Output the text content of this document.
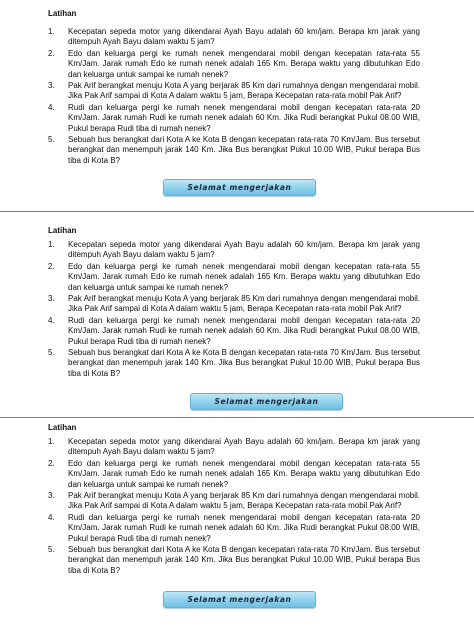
Latihan
1.	Kecepatan sepeda motor yang dikendarai Ayah Bayu adalah 60 km/jam. Berapa km jarak yang ditempuh Ayah Bayu dalam waktu 5 jam?
2.	Edo dan keluarga pergi ke rumah nenek mengendarai mobil dengan kecepatan rata-rata 55 Km/Jam. Jarak rumah Edo ke rumah nenek adalah 165 Km. Berapa waktu yang dibutuhkan Edo dan keluarga untuk sampai ke rumah nenek?
3.	Pak Arif berangkat menuju Kota A yang berjarak 85 Km dari rumahnya dengan mengendarai mobil. Jika Pak Arif sampai di Kota A dalam waktu 5 jam, Berapa Kecepatan rata-rata mobil Pak Arif?
4.	Rudi dan keluarga pergi ke rumah nenek mengendarai mobil dengan kecepatan rata-rata 20 Km/Jam. Jarak rumah Rudi ke rumah nenek adalah 60 Km. Jika Rudi berangkat Pukul 08.00 WIB, Pukul berapa Rudi tiba di rumah nenek?
5.	Sebuah bus berangkat dari Kota A ke Kota B dengan kecepatan rata-rata 70 Km/Jam. Bus tersebut berangkat dan menempuh jarak 140 Km. Jika Bus berangkat Pukul 10.00 WIB, Pukul berapa Bus tiba di Kota B?
Selamat mengerjakan
Latihan
1.	Kecepatan sepeda motor yang dikendarai Ayah Bayu adalah 60 km/jam. Berapa km jarak yang ditempuh Ayah Bayu dalam waktu 5 jam?
2.	Edo dan keluarga pergi ke rumah nenek mengendarai mobil dengan kecepatan rata-rata 55 Km/Jam. Jarak rumah Edo ke rumah nenek adalah 165 Km. Berapa waktu yang dibutuhkan Edo dan keluarga untuk sampai ke rumah nenek?
3.	Pak Arif berangkat menuju Kota A yang berjarak 85 Km dari rumahnya dengan mengendarai mobil. Jika Pak Arif sampai di Kota A dalam waktu 5 jam, Berapa Kecepatan rata-rata mobil Pak Arif?
4.	Rudi dan keluarga pergi ke rumah nenek mengendarai mobil dengan kecepatan rata-rata 20 Km/Jam. Jarak rumah Rudi ke rumah nenek adalah 60 Km. Jika Rudi berangkat Pukul 08.00 WIB, Pukul berapa Rudi tiba di rumah nenek?
5.	Sebuah bus berangkat dari Kota A ke Kota B dengan kecepatan rata-rata 70 Km/Jam. Bus tersebut berangkat dan menempuh jarak 140 Km. Jika Bus berangkat Pukul 10.00 WIB, Pukul berapa Bus tiba di Kota B?
Selamat mengerjakan
Latihan
1.	Kecepatan sepeda motor yang dikendarai Ayah Bayu adalah 60 km/jam. Berapa km jarak yang ditempuh Ayah Bayu dalam waktu 5 jam?
2.	Edo dan keluarga pergi ke rumah nenek mengendarai mobil dengan kecepatan rata-rata 55 Km/Jam. Jarak rumah Edo ke rumah nenek adalah 165 Km. Berapa waktu yang dibutuhkan Edo dan keluarga untuk sampai ke rumah nenek?
3.	Pak Arif berangkat menuju Kota A yang berjarak 85 Km dari rumahnya dengan mengendarai mobil. Jika Pak Arif sampai di Kota A dalam waktu 5 jam, Berapa Kecepatan rata-rata mobil Pak Arif?
4.	Rudi dan keluarga pergi ke rumah nenek mengendarai mobil dengan kecepatan rata-rata 20 Km/Jam. Jarak rumah Rudi ke rumah nenek adalah 60 Km. Jika Rudi berangkat Pukul 08.00 WIB, Pukul berapa Rudi tiba di rumah nenek?
5.	Sebuah bus berangkat dari Kota A ke Kota B dengan kecepatan rata-rata 70 Km/Jam. Bus tersebut berangkat dan menempuh jarak 140 Km. Jika Bus berangkat Pukul 10.00 WIB, Pukul berapa Bus tiba di Kota B?
Selamat mengerjakan
